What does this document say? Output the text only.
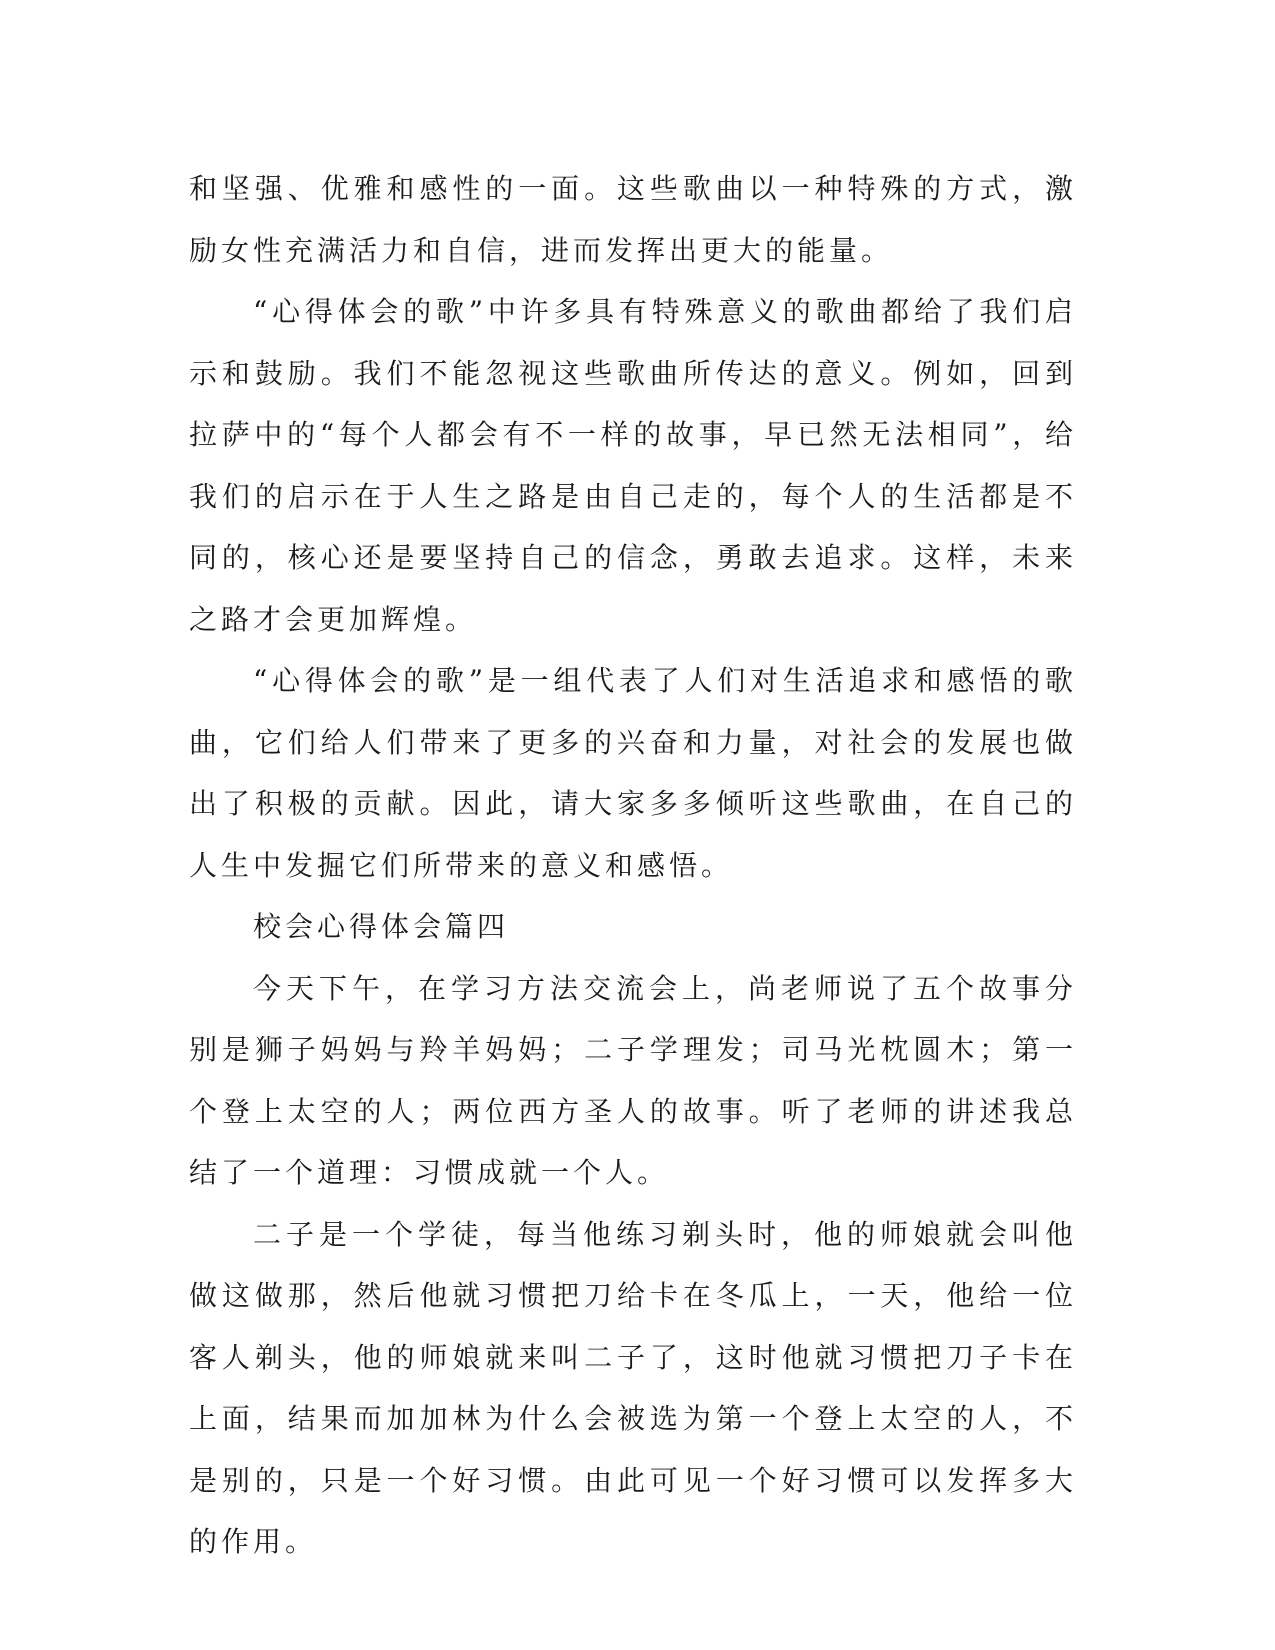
和坚强、优雅和感性的一面。这些歌曲以一种特殊的方式，激励女性充满活力和自信，进而发挥出更大的能量。

“心得体会的歌”中许多具有特殊意义的歌曲都给了我们启示和鼓励。我们不能忽视这些歌曲所传达的意义。例如，回到拉萨中的“每个人都会有不一样的故事，早已然无法相同”，给我们的启示在于人生之路是由自己走的，每个人的生活都是不同的，核心还是要坚持自己的信念，勇敢去追求。这样，未来之路才会更加辉煌。

“心得体会的歌”是一组代表了人们对生活追求和感悟的歌曲，它们给人们带来了更多的兴奋和力量，对社会的发展也做出了积极的贡献。因此，请大家多多倾听这些歌曲，在自己的人生中发掘它们所带来的意义和感悟。

校会心得体会篇四

今天下午，在学习方法交流会上，尚老师说了五个故事分别是狮子妈妈与羚羊妈妈；二子学理发；司马光枕圆木；第一个登上太空的人；两位西方圣人的故事。听了老师的讲述我总结了一个道理：习惯成就一个人。

二子是一个学徒，每当他练习剃头时，他的师娘就会叫他做这做那，然后他就习惯把刀给卡在冬瓜上，一天，他给一位客人剃头，他的师娘就来叫二子了，这时他就习惯把刀子卡在上面，结果而加加林为什么会被选为第一个登上太空的人，不是别的，只是一个好习惯。由此可见一个好习惯可以发挥多大的作用。
